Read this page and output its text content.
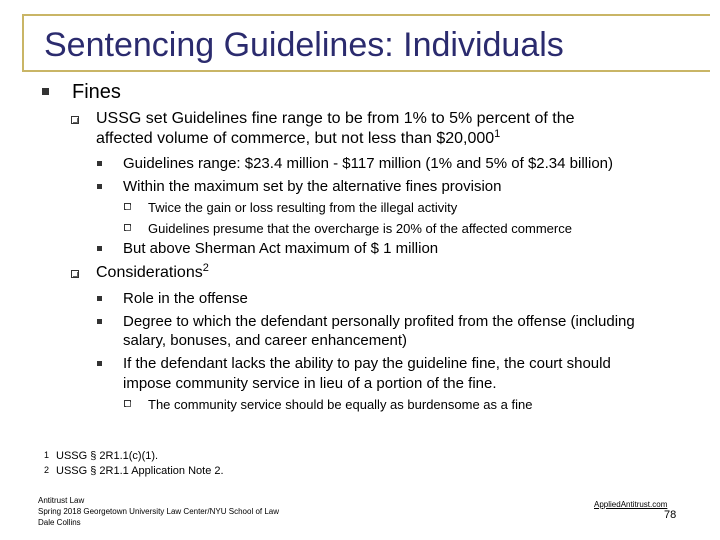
Sentencing Guidelines: Individuals
Fines
USSG set Guidelines fine range to be from 1% to 5% percent of the
affected volume of commerce, but not less than $20,000$^1$
Guidelines range: $23.4 million - $117 million (1% and 5% of $2.34 billion)
Within the maximum set by the alternative fines provision
Twice the gain or loss resulting from the illegal activity
Guidelines presume that the overcharge is 20% of the affected commerce
But above Sherman Act maximum of $ 1 million
Considerations$^2$
Role in the offense
Degree to which the defendant personally profited from the offense (including
salary, bonuses, and career enhancement)
If the defendant lacks the ability to pay the guideline fine, the court should
impose community service in lieu of a portion of the fine.
The community service should be equally as burdensome as a fine
1 USSG § 2R1.1(c)(1).
2 USSG § 2R1.1 Application Note 2.
Antitrust Law
Spring 2018 Georgetown University Law Center/NYU School of Law
Dale Collins
AppliedAntitrust.com
78
